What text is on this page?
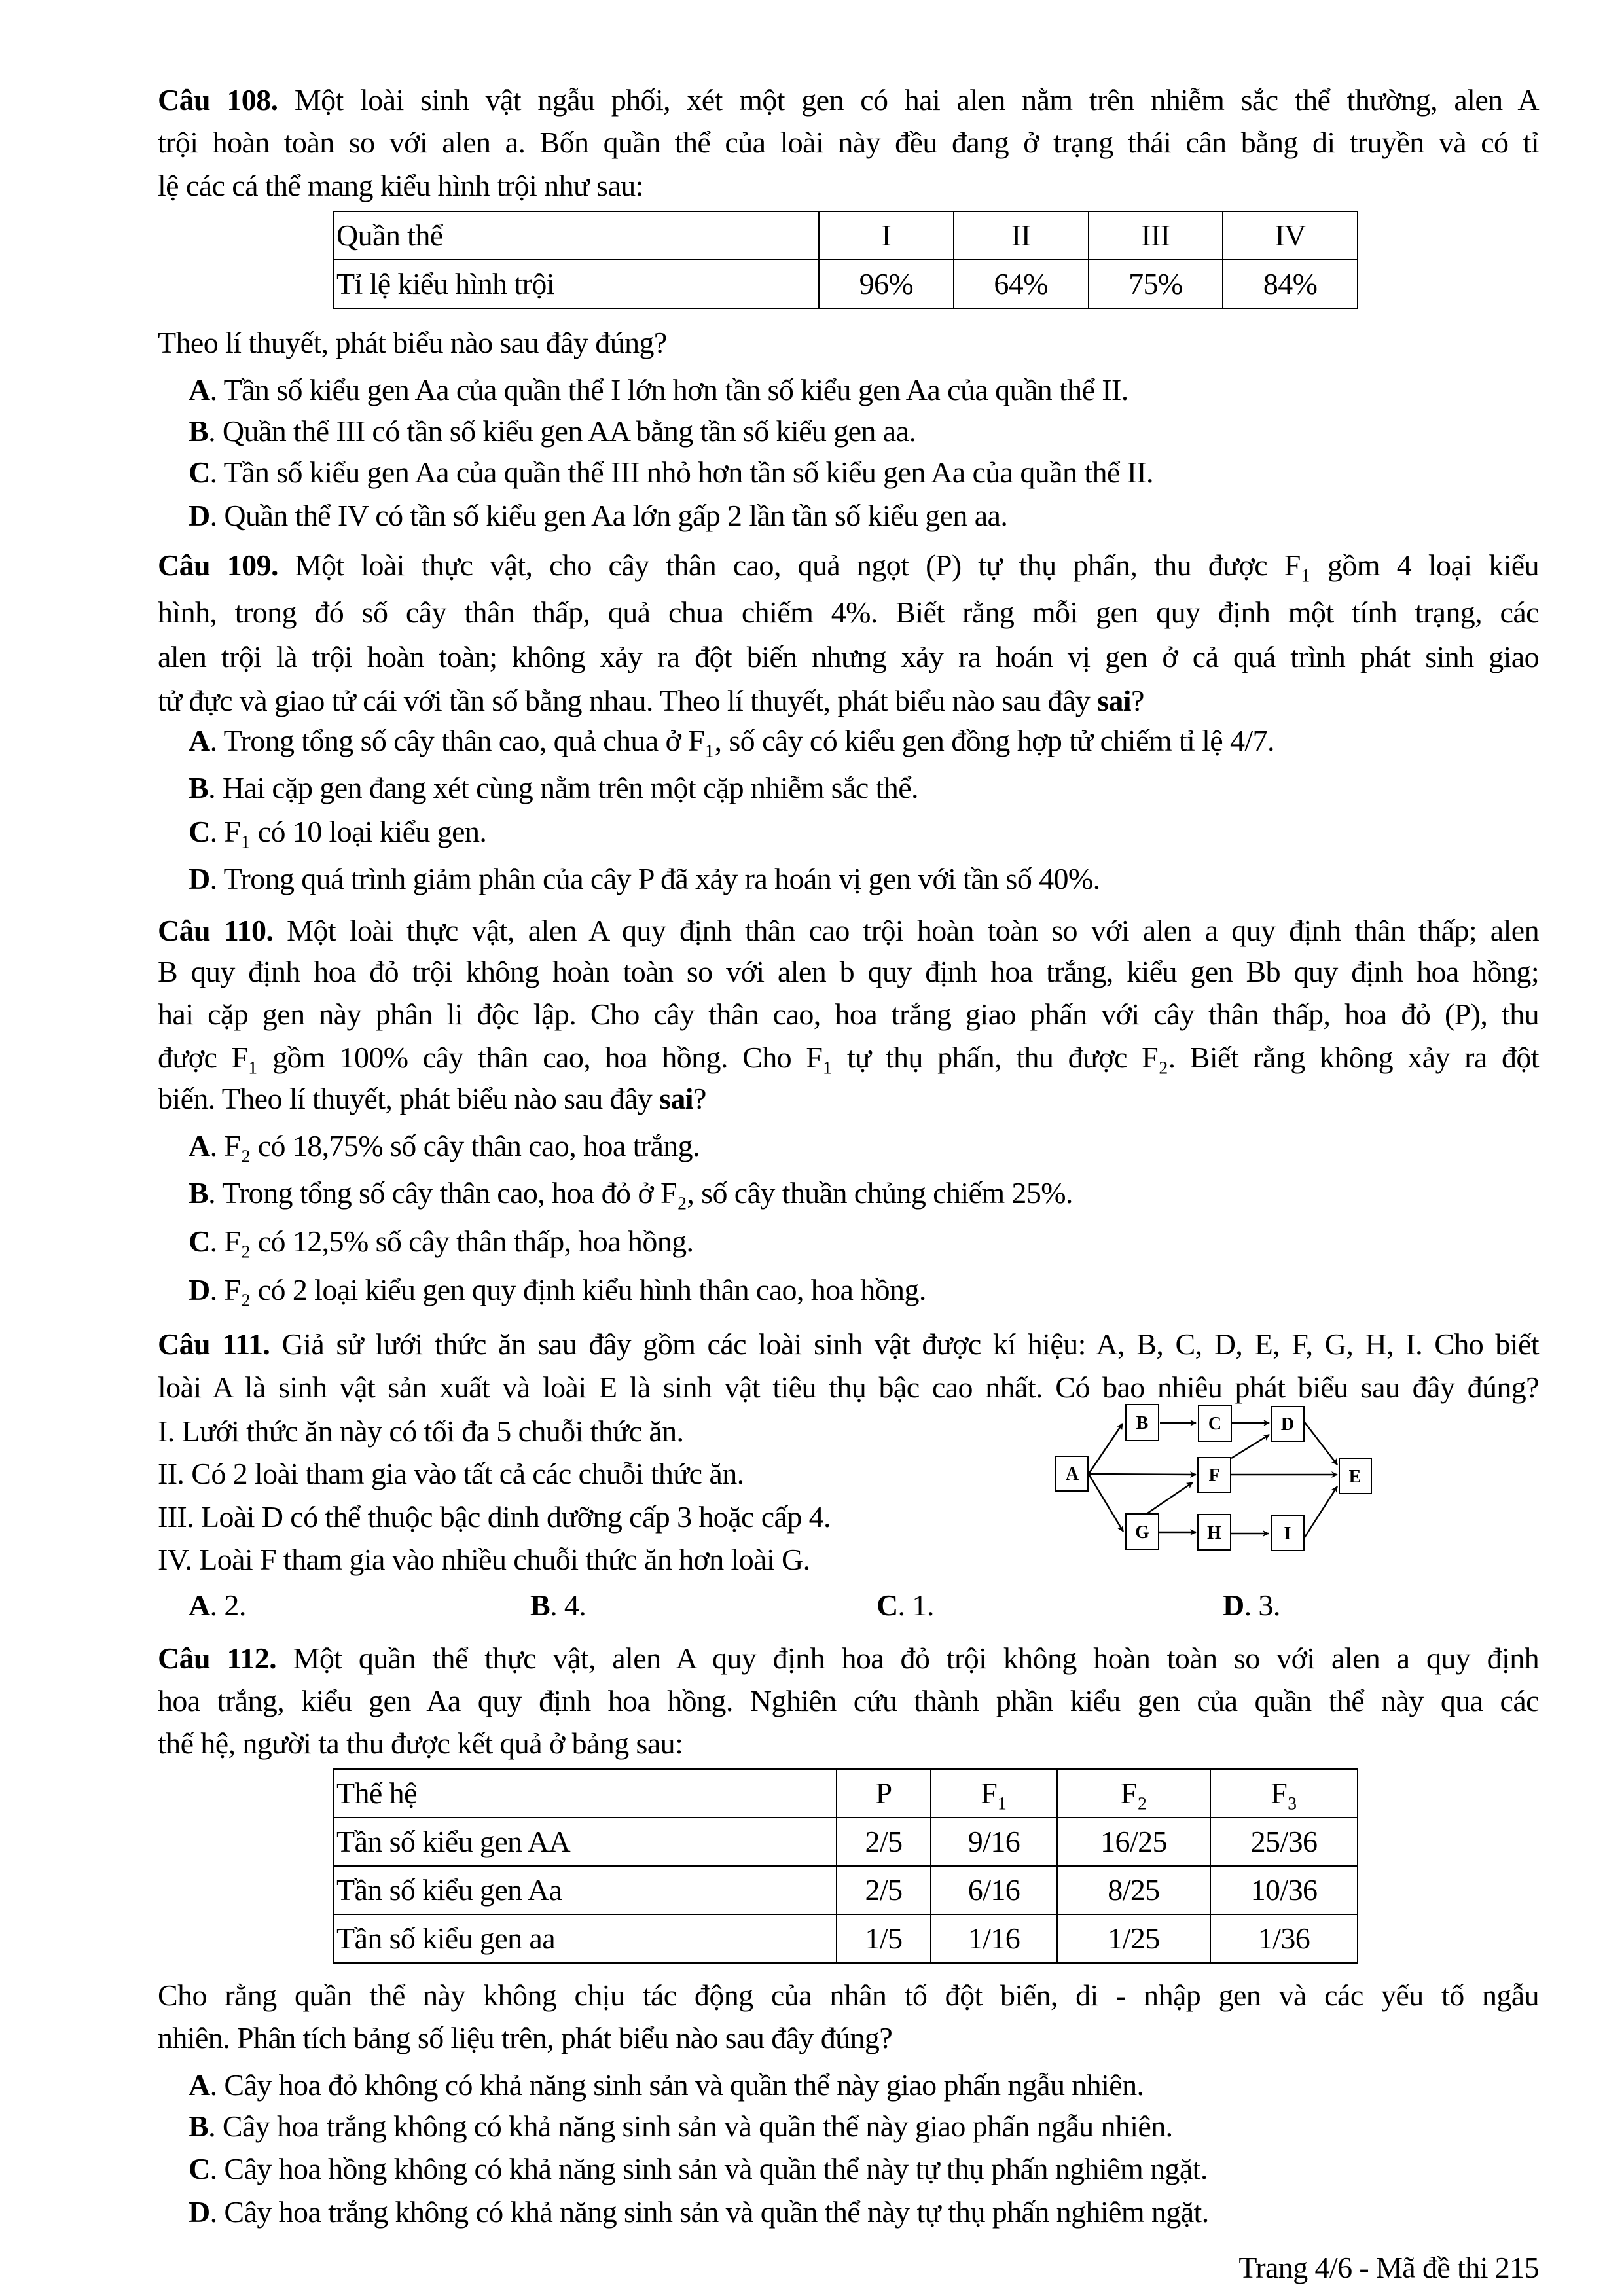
Câu 108. Một loài sinh vật ngẫu phối, xét một gen có hai alen nằm trên nhiễm sắc thể thường, alen A
trội hoàn toàn so với alen a. Bốn quần thể của loài này đều đang ở trạng thái cân bằng di truyền và có tỉ
lệ các cá thể mang kiểu hình trội như sau:
Quần thể	I	II	III	IV
Tỉ lệ kiểu hình trội	96%	64%	75%	84%
Theo lí thuyết, phát biểu nào sau đây đúng?
A. Tần số kiểu gen Aa của quần thể I lớn hơn tần số kiểu gen Aa của quần thể II.
B. Quần thể III có tần số kiểu gen AA bằng tần số kiểu gen aa.
C. Tần số kiểu gen Aa của quần thể III nhỏ hơn tần số kiểu gen Aa của quần thể II.
D. Quần thể IV có tần số kiểu gen Aa lớn gấp 2 lần tần số kiểu gen aa.
Câu 109. Một loài thực vật, cho cây thân cao, quả ngọt (P) tự thụ phấn, thu được F₁ gồm 4 loại kiểu
hình, trong đó số cây thân thấp, quả chua chiếm 4%. Biết rằng mỗi gen quy định một tính trạng, các
alen trội là trội hoàn toàn; không xảy ra đột biến nhưng xảy ra hoán vị gen ở cả quá trình phát sinh giao
tử đực và giao tử cái với tần số bằng nhau. Theo lí thuyết, phát biểu nào sau đây sai?
A. Trong tổng số cây thân cao, quả chua ở F₁, số cây có kiểu gen đồng hợp tử chiếm tỉ lệ 4/7.
B. Hai cặp gen đang xét cùng nằm trên một cặp nhiễm sắc thể.
C. F₁ có 10 loại kiểu gen.
D. Trong quá trình giảm phân của cây P đã xảy ra hoán vị gen với tần số 40%.
Câu 110. Một loài thực vật, alen A quy định thân cao trội hoàn toàn so với alen a quy định thân thấp; alen
B quy định hoa đỏ trội không hoàn toàn so với alen b quy định hoa trắng, kiểu gen Bb quy định hoa hồng;
hai cặp gen này phân li độc lập. Cho cây thân cao, hoa trắng giao phấn với cây thân thấp, hoa đỏ (P), thu
được F₁ gồm 100% cây thân cao, hoa hồng. Cho F₁ tự thụ phấn, thu được F₂. Biết rằng không xảy ra đột
biến. Theo lí thuyết, phát biểu nào sau đây sai?
A. F₂ có 18,75% số cây thân cao, hoa trắng.
B. Trong tổng số cây thân cao, hoa đỏ ở F₂, số cây thuần chủng chiếm 25%.
C. F₂ có 12,5% số cây thân thấp, hoa hồng.
D. F₂ có 2 loại kiểu gen quy định kiểu hình thân cao, hoa hồng.
Câu 111. Giả sử lưới thức ăn sau đây gồm các loài sinh vật được kí hiệu: A, B, C, D, E, F, G, H, I. Cho biết
loài A là sinh vật sản xuất và loài E là sinh vật tiêu thụ bậc cao nhất. Có bao nhiêu phát biểu sau đây đúng?
I. Lưới thức ăn này có tối đa 5 chuỗi thức ăn.
II. Có 2 loài tham gia vào tất cả các chuỗi thức ăn.
III. Loài D có thể thuộc bậc dinh dưỡng cấp 3 hoặc cấp 4.
IV. Loài F tham gia vào nhiều chuỗi thức ăn hơn loài G.
A. 2.	B. 4.	C. 1.	D. 3.
A
B	C	D
E
F
G	H	I
Câu 112. Một quần thể thực vật, alen A quy định hoa đỏ trội không hoàn toàn so với alen a quy định
hoa trắng, kiểu gen Aa quy định hoa hồng. Nghiên cứu thành phần kiểu gen của quần thể này qua các
thế hệ, người ta thu được kết quả ở bảng sau:
Thế hệ	P	F₁	F₂	F₃
Tần số kiểu gen AA	2/5	9/16	16/25	25/36
Tần số kiểu gen Aa	2/5	6/16	8/25	10/36
Tần số kiểu gen aa	1/5	1/16	1/25	1/36
Cho rằng quần thể này không chịu tác động của nhân tố đột biến, di - nhập gen và các yếu tố ngẫu
nhiên. Phân tích bảng số liệu trên, phát biểu nào sau đây đúng?
A. Cây hoa đỏ không có khả năng sinh sản và quần thể này giao phấn ngẫu nhiên.
B. Cây hoa trắng không có khả năng sinh sản và quần thể này giao phấn ngẫu nhiên.
C. Cây hoa hồng không có khả năng sinh sản và quần thể này tự thụ phấn nghiêm ngặt.
D. Cây hoa trắng không có khả năng sinh sản và quần thể này tự thụ phấn nghiêm ngặt.
Trang 4/6 - Mã đề thi 215
